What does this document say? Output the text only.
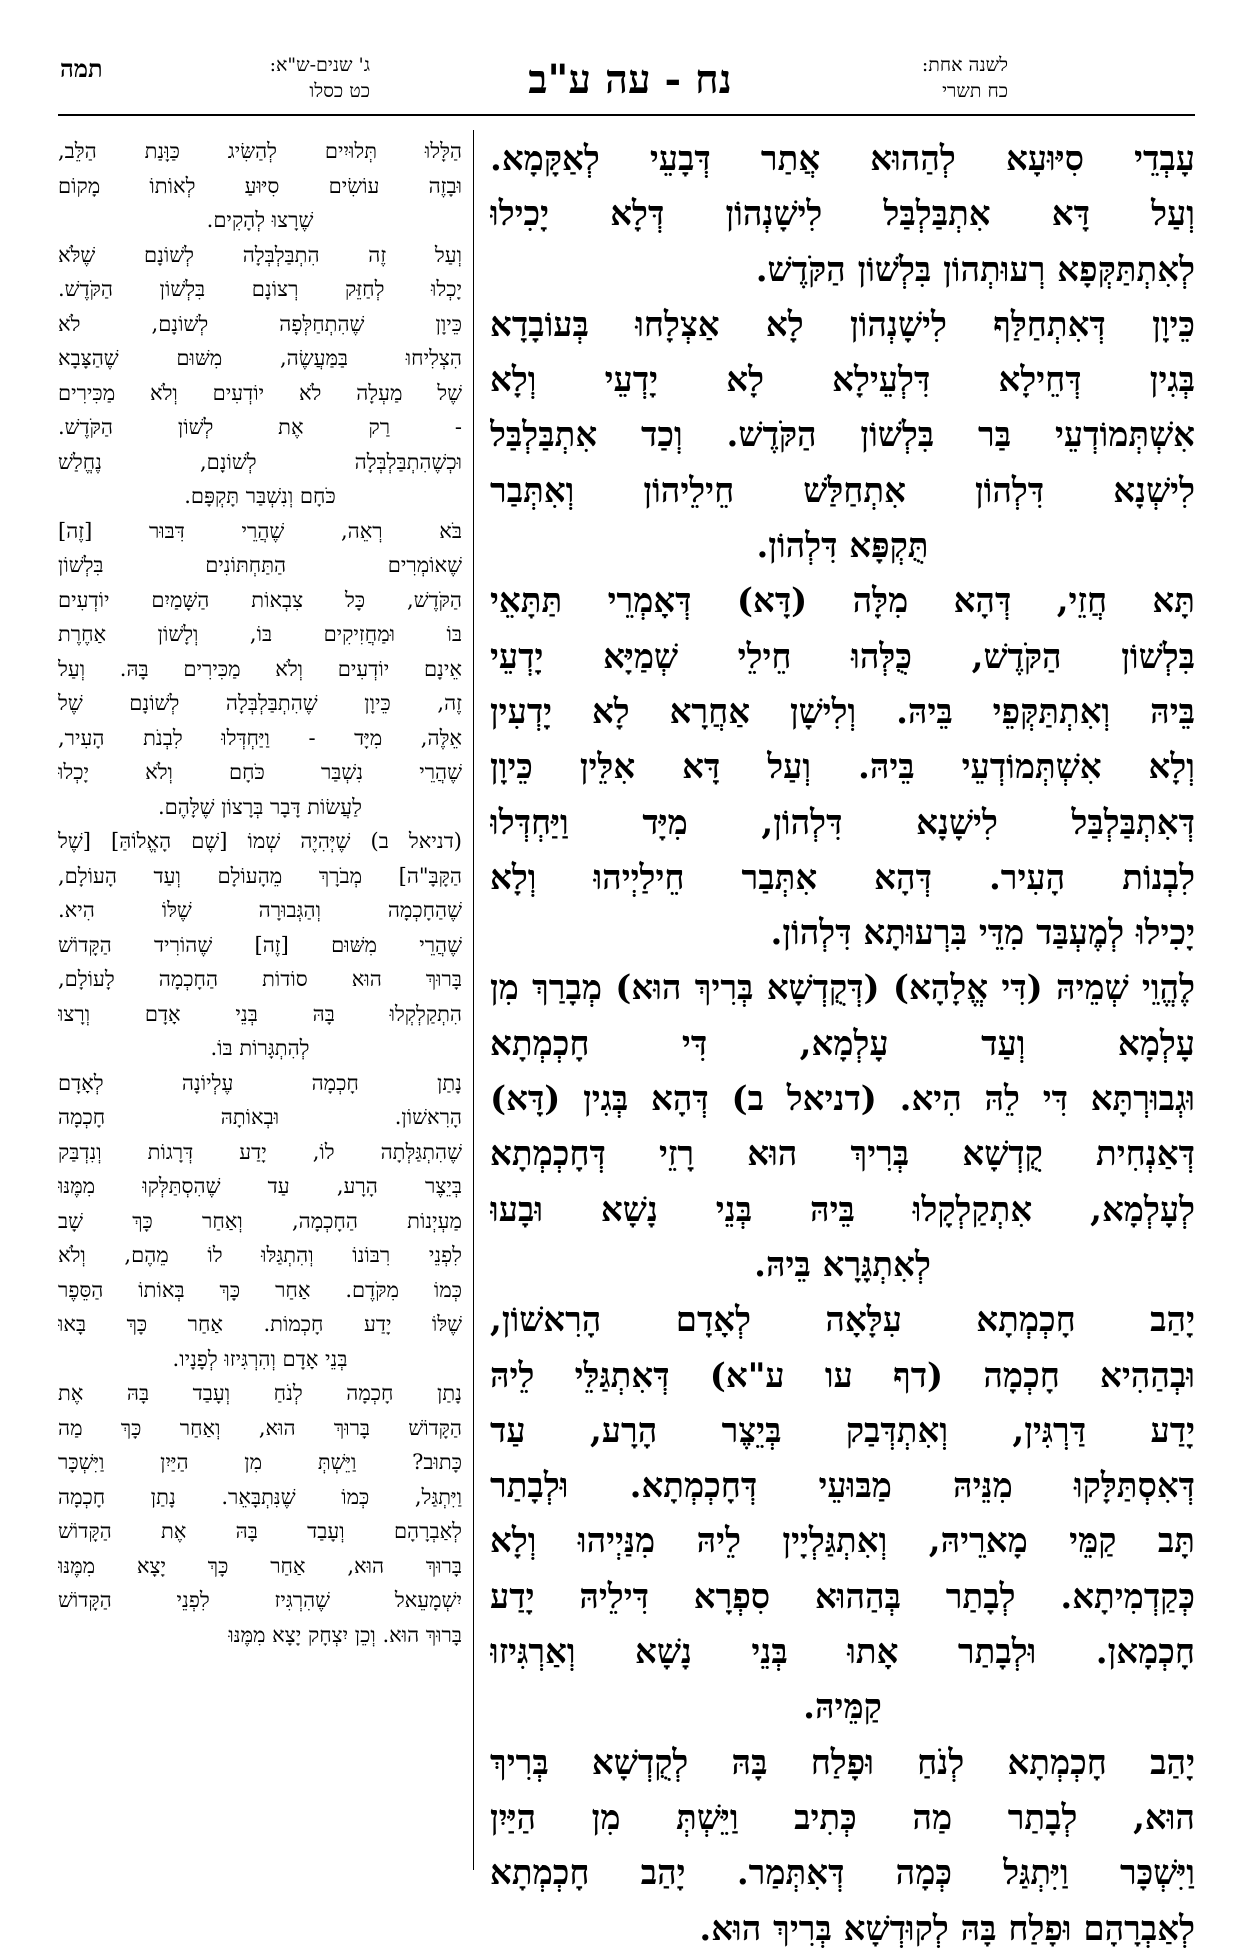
לשנה אחת:
כח תשרי
נח - עה ע"ב
ג' שנים-ש"א:
כט כסלו
תמה
עָבְדֵי סִיּוּעָא לְהַהוּא אֲתַר דְּבָעֵי לְאַקָּמָא.
וְעַל דָּא אִתְבַּלְבַּל לִישָׁנְהוֹן דְּלָא יָכִילוּ
לְאִתְתַּקְּפָא רְעוּתְהוֹן בִּלְשׁוֹן הַקֹּדֶשׁ.
כֵּיוָן דְּאִתְחַלַּף לִישָׁנְהוֹן לָא אַצְלָחוּ בְּעוֹבָדָא
בְּגִין דְּחֵילָא דִּלְעֵילָא לָא יָדְעֵי וְלָא
אִשְׁתְּמוֹדְעֵי בַּר בִּלְשׁוֹן הַקֹּדֶשׁ. וְכַד אִתְבַּלְבַּל
לִישְׁנָא דִּלְהוֹן אִתְחַלַּשׁ חֵילֵיהוֹן וְאִתְּבַר
תֻּקְפָּא דִּלְהוֹן.
תָּא חֲזֵי, דְּהָא מִלָּה (דָּא) דְּאָמְרֵי תַּתָּאֵי
בִּלְשׁוֹן הַקֹּדֶשׁ, כֻּלְּהוּ חֵילֵי שְׁמַיָּא יָדְעֵי
בֵּיהּ וְאִתְתַּקְּפֵי בֵּיהּ. וְלִישָׁן אַחֲרָא לָא יָדְעִין
וְלָא אִשְׁתְּמוֹדְעֵי בֵּיהּ. וְעַל דָּא אִלֵּין כֵּיוָן
דְּאִתְבַּלְבַּל לִישָׁנָא דִּלְהוֹן, מִיָּד וַיַּחְדְּלוּ
לִבְנוֹת הָעִיר. דְּהָא אִתְּבַר חֵילַיְיהוּ וְלָא
יָכִילוּ לְמֶעְבַּד מִדֵּי בִּרְעוּתָא דִּלְהוֹן.
לֶהֱוֵי שְׁמֵיהּ (דִּי אֱלָהָא) (דְּקֻדְשָׁא בְּרִיךְ הוּא) מְבָרַךְ מִן
עָלְמָא וְעַד עָלְמָא, דִּי חָכְמְתָא
וּגְבוּרְתָּא דִּי לֵהּ הִיא. (דניאל ב) דְּהָא בְּגִין (דָּא)
דְּאַנְחִית קֻדְשָׁא בְּרִיךְ הוּא רָזֵי דְּחָכְמְתָא
לְעָלְמָא, אִתְקַלְקָלוּ בֵּיהּ בְּנֵי נָשָׁא וּבָעוּ
לְאִתְגָּרָא בֵּיהּ.
יָהַב חָכְמְתָא עִלָּאָה לְאָדָם הָרִאשׁוֹן,
וּבְהַהִיא חָכְמָה (דף עו ע"א) דְּאִתְגַּלֵּי לֵיהּ
יָדַע דַּרְגִּין, וְאִתְדְּבַק בְּיֵצֶר הָרָע, עַד
דְּאִסְתַּלָּקוּ מִנֵּיהּ מַבּוּעֵי דְּחָכְמְתָא. וּלְבָתַר
תָּב קַמֵּי מָארֵיהּ, וְאִתְגַּלְיָין לֵיהּ מִנַּיְיהוּ וְלָא
כְּקַדְמִיתָא. לְבָתַר בְּהַהוּא סִפְרָא דִּילֵיהּ יָדַע
חָכְמָאן. וּלְבָתַר אָתוּ בְּנֵי נָשָׁא וְאַרְגִּיזוּ
קַמֵּיהּ.
יָהַב חָכְמְתָא לְנֹחַ וּפָלַח בָּהּ לְקֻדְשָׁא בְּרִיךְ
הוּא, לְבָתַר מַה כְּתִיב וַיֵּשְׁתְּ מִן הַיַּיִן
וַיִּשְׁכָּר וַיִּתְגַּל כְּמָה דְּאִתְּמַר. יָהַב חָכְמְתָא
לְאַבְרָהָם וּפָלַח בָּהּ לְקוּדְשָׁא בְּרִיךְ הוּא.
הַלָּלוּ תְּלוּיִים לְהַשִּׂיג כַּוָּנַת הַלֵּב,
וּבָזֶה עוֹשִׂים סִיּוּעַ לְאוֹתוֹ מָקוֹם
שֶׁרָצוּ לְהָקִים.
וְעַל זֶה הִתְבַּלְבְּלָה לְשׁוֹנָם שֶׁלֹּא
יָכְלוּ לְחַזֵּק רְצוֹנָם בִּלְשׁוֹן הַקֹּדֶשׁ.
כֵּיוָן שֶׁהִתְחַלְּפָה לְשׁוֹנָם, לֹא
הִצְלִיחוּ בַּמַּעֲשֶׂה, מִשּׁוּם שֶׁהַצָּבָא
שֶׁל מַעְלָה לֹא יוֹדְעִים וְלֹא מַכִּירִים
- רַק אֶת לְשׁוֹן הַקֹּדֶשׁ.
וּכְשֶׁהִתְבַּלְבְּלָה לְשׁוֹנָם, נֶחֱלַשׁ
כֹּחָם וְנִשְׁבַּר תָּקְפָּם.
בֹּא רְאֵה, שֶׁהֲרֵי דִּבּוּר [זֶה]
שֶׁאוֹמְרִים הַתַּחְתּוֹנִים בִּלְשׁוֹן
הַקֹּדֶשׁ, כָּל צִבְאוֹת הַשָּׁמַיִם יוֹדְעִים
בּוֹ וּמַחֲזִיקִים בּוֹ, וְלָשׁוֹן אַחֶרֶת
אֵינָם יוֹדְעִים וְלֹא מַכִּירִים בָּהּ. וְעַל
זֶה, כֵּיוָן שֶׁהִתְבַּלְבְּלָה לְשׁוֹנָם שֶׁל
אֵלֶּה, מִיָּד - וַיַּחְדְּלוּ לִבְנֹת הָעִיר,
שֶׁהֲרֵי נִשְׁבַּר כֹּחָם וְלֹא יָכְלוּ
לַעֲשׂוֹת דָּבָר בְּרָצוֹן שֶׁלָּהֶם.
(דניאל ב) שֶׁיְּהִיֶה שְׁמוֹ [שֶׁם הָאֱלוֹהַּ] [שֶׁל
הַקָּבָּ"ה] מְבֹרָךְ מֵהָעוֹלָם וְעַד הָעוֹלָם,
שֶׁהַחָכְמָה וְהַגְּבוּרָה שֶׁלּוֹ הִיא.
שֶׁהֲרֵי מִשּׁוּם [זֶה] שֶׁהוֹרִיד הַקָּדוֹשׁ
בָּרוּךְ הוּא סוֹדוֹת הַחָכְמָה לָעוֹלָם,
הִתְקַלְקְלוּ בָּהּ בְּנֵי אָדָם וְרָצוּ
לְהִתְגָּרוֹת בּוֹ.
נָתַן חָכְמָה עֶלְיוֹנָה לְאָדָם
הָרִאשׁוֹן. וּבְאוֹתָהּ חָכְמָה
שֶׁהִתְגַּלְּתָה לוֹ, יָדַע דְּרָגוֹת וְנִדְבַּק
בְּיֵצֶר הָרָע, עַד שֶׁהִסְתַּלְּקוּ מִמֶּנּוּ
מַעְיְנוֹת הַחָכְמָה, וְאַחַר כָּךְ שָׁב
לִפְנֵי רִבּוֹנוֹ וְהִתְגַּלּוּ לוֹ מֵהֶם, וְלֹא
כְּמוֹ מִקֹּדֶם. אַחַר כָּךְ בְּאוֹתוֹ הַסֵּפֶר
שֶׁלּוֹ יָדַע חָכְמוֹת. אַחַר כָּךְ בָּאוּ
בְּנֵי אָדָם וְהִרְגִּיזוּ לְפָנָיו.
נָתַן חָכְמָה לְנֹחַ וְעָבַד בָּהּ אֶת
הַקָּדוֹשׁ בָּרוּךְ הוּא, וְאַחַר כָּךְ מַה
כָּתוּב? וַיֵּשְׁתְּ מִן הַיַּיִן וַיִּשְׁכָּר
וַיִּתְגַּל, כְּמוֹ שֶׁנִּתְבָּאֵר. נָתַן חָכְמָה
לְאַבְרָהָם וְעָבַד בָּהּ אֶת הַקָּדוֹשׁ
בָּרוּךְ הוּא, אַחַר כָּךְ יָצָא מִמֶּנּוּ
יִשְׁמָעֵאל שֶׁהִרְגִּיז לִפְנֵי הַקָּדוֹשׁ
בָּרוּךְ הוּא. וְכֵן יִצְחָק יָצָא מִמֶּנּוּ
